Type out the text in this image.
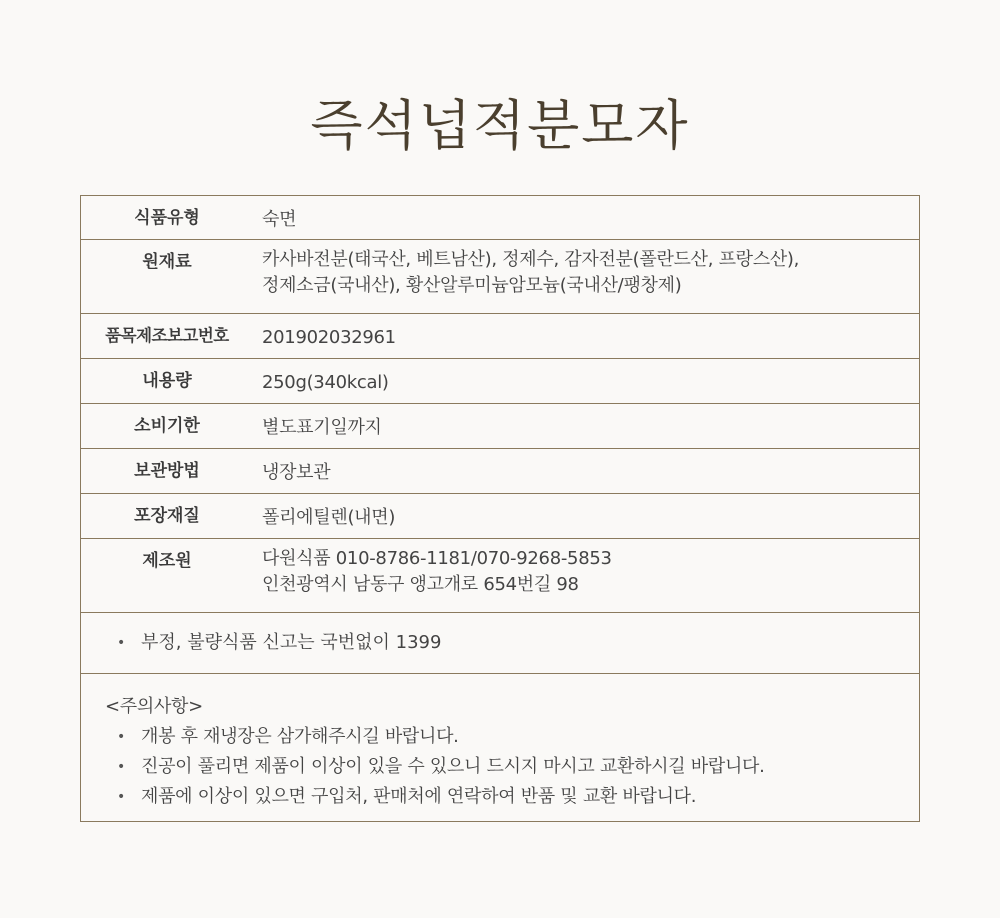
즉석넙적분모자
식품유형	숙면
원재료	카사바전분(태국산, 베트남산), 정제수, 감자전분(폴란드산, 프랑스산),
정제소금(국내산), 황산알루미늄암모늄(국내산/팽창제)
품목제조보고번호	201902032961
내용량	250g(340kcal)
소비기한	별도표기일까지
보관방법	냉장보관
포장재질	폴리에틸렌(내면)
제조원	다원식품 010-8786-1181/070-9268-5853
인천광역시 남동구 앵고개로 654번길 98
• 부정, 불량식품 신고는 국번없이 1399
<주의사항>
• 개봉 후 재냉장은 삼가해주시길 바랍니다.
• 진공이 풀리면 제품이 이상이 있을 수 있으니 드시지 마시고 교환하시길 바랍니다.
• 제품에 이상이 있으면 구입처, 판매처에 연락하여 반품 및 교환 바랍니다.
